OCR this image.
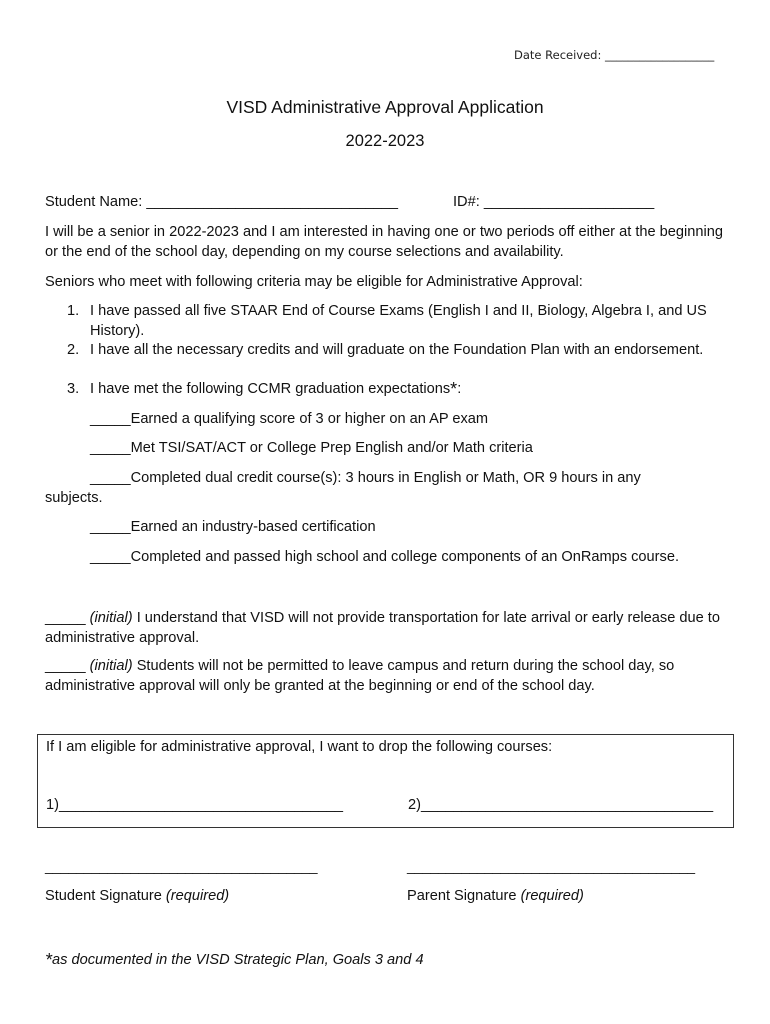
Date Received: ___________________
VISD Administrative Approval Application
2022-2023
Student Name: _______________________________	ID#: _____________________
I will be a senior in 2022-2023 and I am interested in having one or two periods off either at the beginning or the end of the school day, depending on my course selections and availability.
Seniors who meet with following criteria may be eligible for Administrative Approval:
1. I have passed all five STAAR End of Course Exams (English I and II, Biology, Algebra I, and US History).
2. I have all the necessary credits and will graduate on the Foundation Plan with an endorsement.
3. I have met the following CCMR graduation expectations*:
_____Earned a qualifying score of 3 or higher on an AP exam
_____Met TSI/SAT/ACT or College Prep English and/or Math criteria
_____Completed dual credit course(s): 3 hours in English or Math, OR 9 hours in any
subjects.
_____Earned an industry-based certification
_____Completed and passed high school and college components of an OnRamps course.
_____ (initial) I understand that VISD will not provide transportation for late arrival or early release due to administrative approval.
_____ (initial) Students will not be permitted to leave campus and return during the school day, so administrative approval will only be granted at the beginning or end of the school day.
If I am eligible for administrative approval, I want to drop the following courses:
1)___________________________________	2)____________________________________
___________________________________	_____________________________________
Student Signature (required)	Parent Signature (required)
*as documented in the VISD Strategic Plan, Goals 3 and 4
